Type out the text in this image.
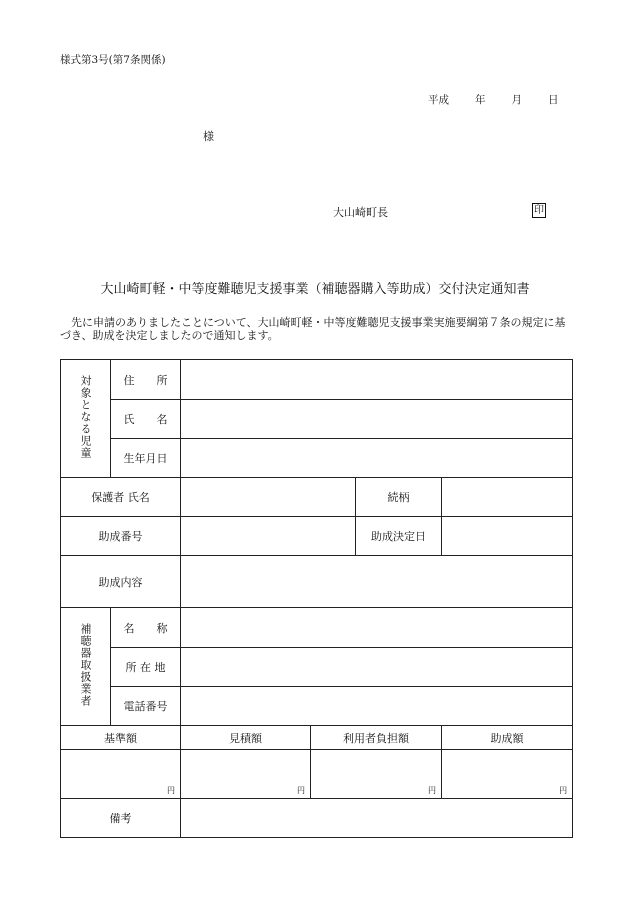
様式第3号(第7条関係)
平成 年 月 日
様
大山崎町長	印
大山崎町軽・中等度難聴児支援事業（補聴器購入等助成）交付決定通知書
先に申請のありましたことについて、大山崎町軽・中等度難聴児支援事業実施要綱第７条の規定に基づき、助成を決定しましたので通知します。
対象となる児童	住　　所				
	氏　　名				
	生年月日				
保護者 氏名				続柄	
助成番号				助成決定日	
助成内容					
補聴器取扱業者	名　　称				
	所 在 地				
	電話番号				
基準額		見積額	利用者負担額		助成額

円		円	円		円

備考					
